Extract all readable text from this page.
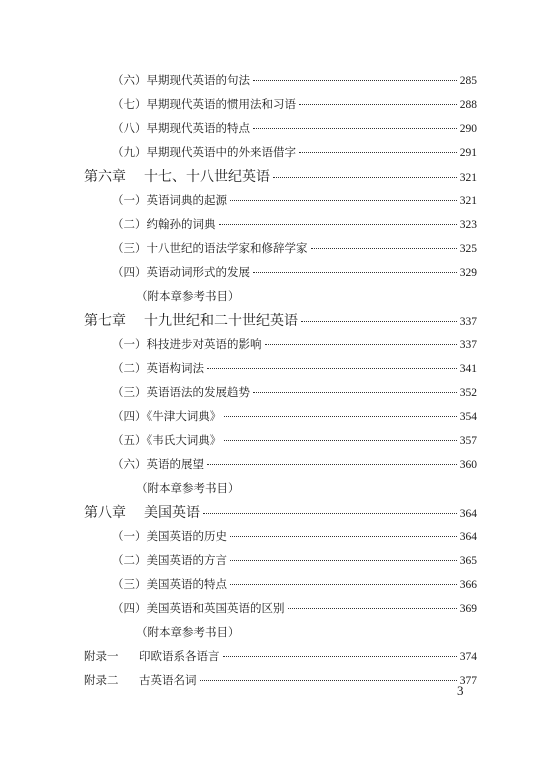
（六）早期现代英语的句法	285
（七）早期现代英语的惯用法和习语	288
（八）早期现代英语的特点	290
（九）早期现代英语中的外来语借字	291
第六章 十七、十八世纪英语	321
（一）英语词典的起源	321
（二）约翰孙的词典	323
（三）十八世纪的语法学家和修辞学家	325
（四）英语动词形式的发展	329
（附本章参考书目）
第七章 十九世纪和二十世纪英语	337
（一）科技进步对英语的影响	337
（二）英语构词法	341
（三）英语语法的发展趋势	352
（四）《牛津大词典》	354
（五）《韦氏大词典》	357
（六）英语的展望	360
（附本章参考书目）
第八章 美国英语	364
（一）美国英语的历史	364
（二）美国英语的方言	365
（三）美国英语的特点	366
（四）美国英语和英国英语的区别	369
（附本章参考书目）
附录一 印欧语系各语言	374
附录二 古英语名词	377
3
